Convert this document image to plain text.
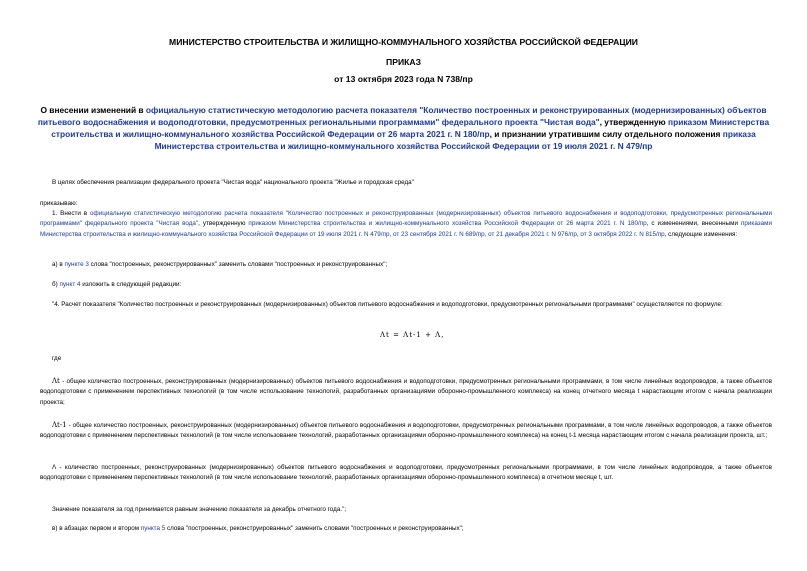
МИНИСТЕРСТВО СТРОИТЕЛЬСТВА И ЖИЛИЩНО-КОММУНАЛЬНОГО ХОЗЯЙСТВА РОССИЙСКОЙ ФЕДЕРАЦИИ
ПРИКАЗ
от 13 октября 2023 года N 738/пр
О внесении изменений в официальную статистическую методологию расчета показателя "Количество построенных и реконструированных (модернизированных) объектов питьевого водоснабжения и водоподготовки, предусмотренных региональными программами" федерального проекта "Чистая вода", утвержденную приказом Министерства строительства и жилищно-коммунального хозяйства Российской Федерации от 26 марта 2021 г. N 180/пр, и признании утратившим силу отдельного положения приказа Министерства строительства и жилищно-коммунального хозяйства Российской Федерации от 19 июля 2021 г. N 479/пр
В целях обеспечения реализации федерального проекта "Чистая вода" национального проекта "Жилье и городская среда"
приказываю:
1. Внести в официальную статистическую методологию расчета показателя "Количество построенных и реконструированных (модернизированных) объектов питьевого водоснабжения и водоподготовки, предусмотренных региональными программами" федерального проекта "Чистая вода", утвержденную приказом Министерства строительства и жилищно-коммунального хозяйства Российской Федерации от 26 марта 2021 г. N 180/пр, с изменениями, внесенными приказами Министерства строительства и жилищно-коммунального хозяйства Российской Федерации от 19 июля 2021 г. N 479/пр, от 23 сентября 2021 г. N 689/пр, от 21 декабря 2021 г. N 976/пр, от 3 октября 2022 г. N 815/пр, следующие изменения:
а) в пункте 3 слова "построенных, реконструированных" заменить словами "построенных и реконструированных";
б) пункт 4 изложить в следующей редакции:
"4. Расчет показателя "Количество построенных и реконструированных (модернизированных) объектов питьевого водоснабжения и водоподготовки, предусмотренных региональными программами" осуществляется по формуле:
Λt = Λt-1 + Λ,
где
Λt - общее количество построенных, реконструированных (модернизированных) объектов питьевого водоснабжения и водоподготовки, предусмотренных региональными программами, в том числе линейных водопроводов, а также объектов водоподготовки с применением перспективных технологий (в том числе использование технологий, разработанных организациями оборонно-промышленного комплекса) на конец отчетного месяца t нарастающим итогом с начала реализации проекта;
Λt-1 - общее количество построенных, реконструированных (модернизированных) объектов питьевого водоснабжения и водоподготовки, предусмотренных региональными программами, в том числе линейных водопроводов, а также объектов водоподготовки с применением перспективных технологий (в том числе использование технологий, разработанных организациями оборонно-промышленного комплекса) на конец t-1 месяца нарастающим итогом с начала реализации проекта, шт.;
Λ - количество построенных, реконструированных (модернизированных) объектов питьевого водоснабжения и водоподготовки, предусмотренных региональными программами, в том числе линейных водопроводов, а также объектов водоподготовки с применением перспективных технологий (в том числе использование технологий, разработанных организациями оборонно-промышленного комплекса) в отчетном месяце t, шт.
Значение показателя за год принимается равным значению показателя за декабрь отчетного года.";
в) в абзацах первом и втором пункта 5 слова "построенных, реконструированных" заменить словами "построенных и реконструированных";
